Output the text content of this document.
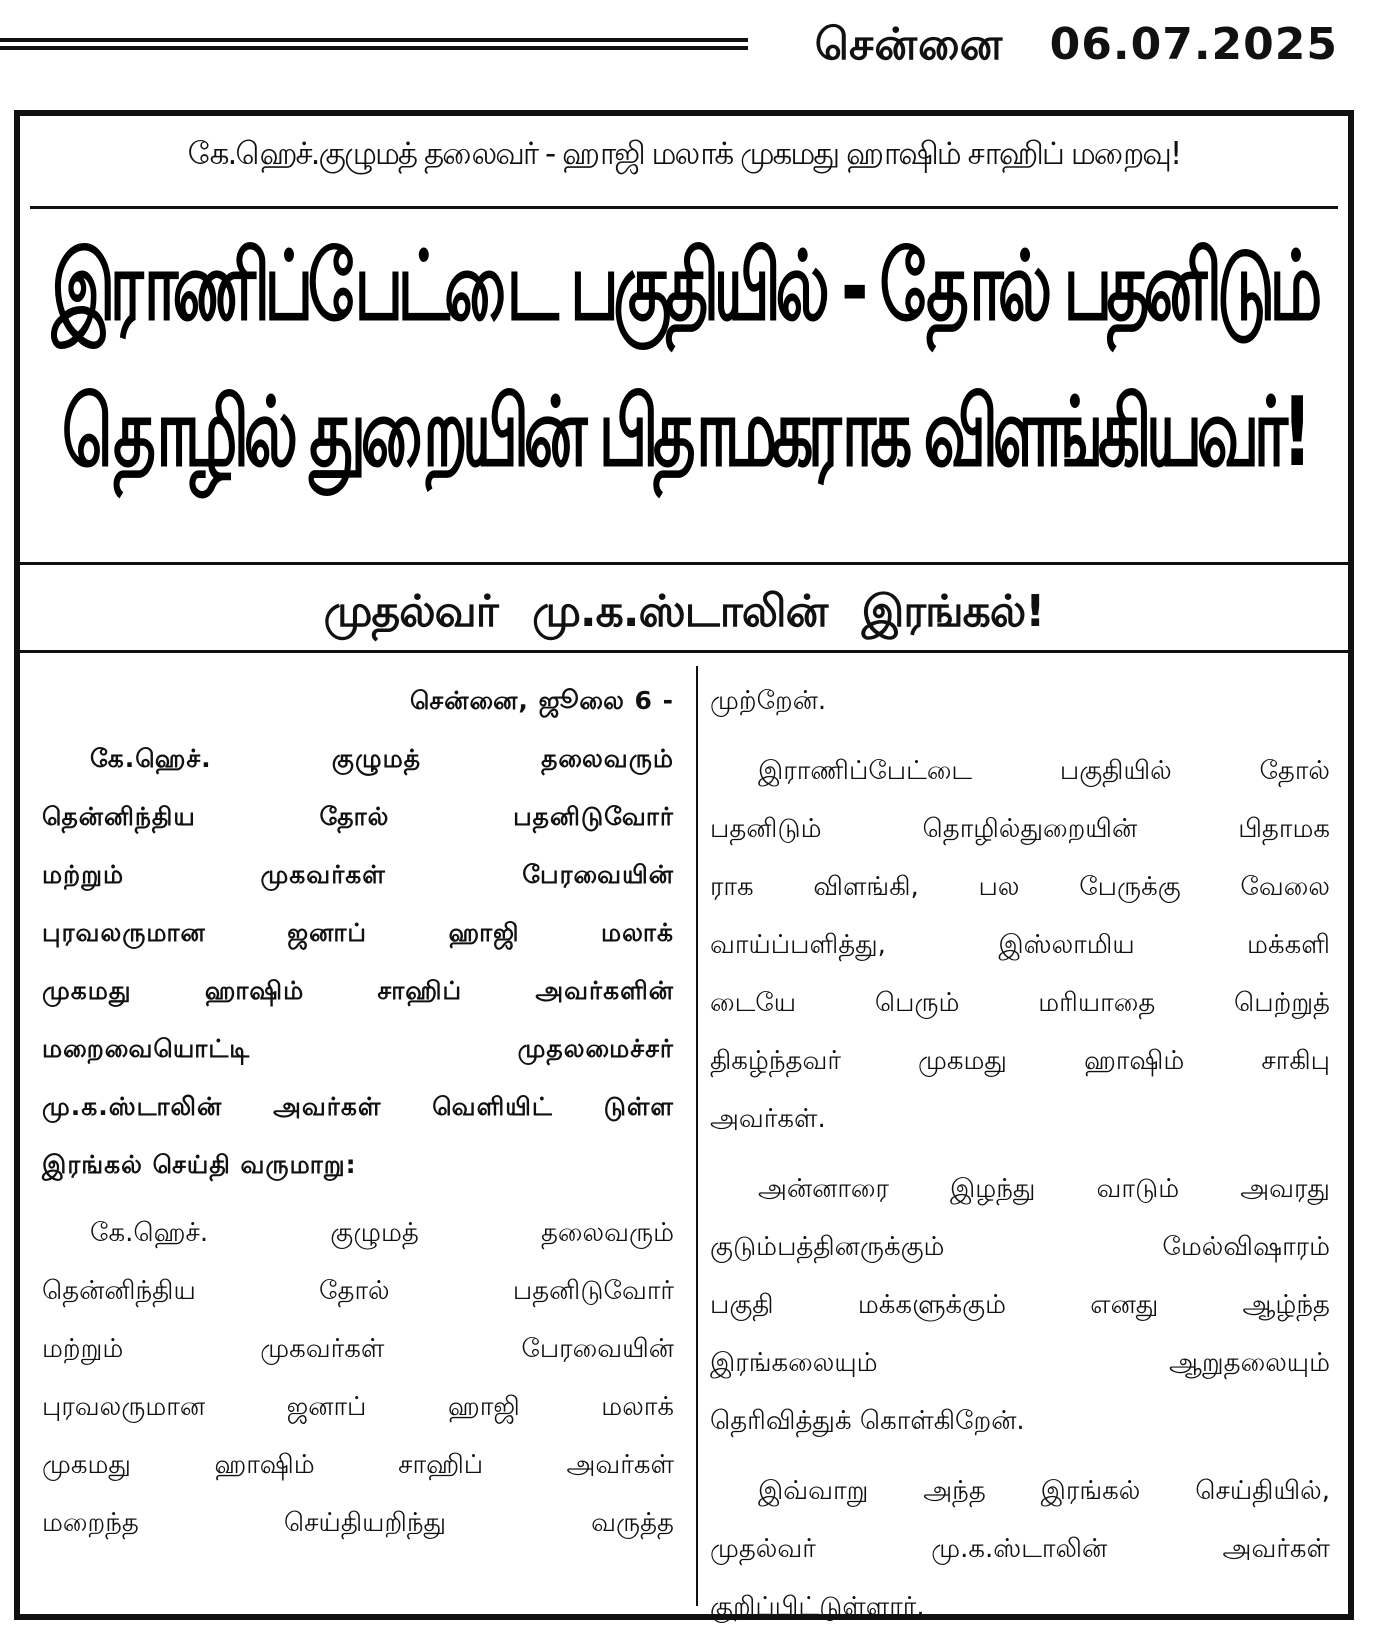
சென்னை 06.07.2025
கே.ஹெச்.குழுமத் தலைவர் - ஹாஜி மலாக் முகமது ஹாஷிம் சாஹிப் மறைவு!
இராணிப்பேட்டை பகுதியில் - தோல் பதனிடும்
தொழில் துறையின் பிதாமகராக விளங்கியவர்!
முதல்வர் மு.க.ஸ்டாலின் இரங்கல்!
சென்னை, ஜூலை 6 -
கே.ஹெச்.	குழுமத்	தலைவரும்
தென்னிந்திய	தோல்	பதனிடுவோர்
மற்றும்	முகவர்கள்	பேரவையின்
புரவலருமான	ஜனாப்	ஹாஜி	மலாக்
முகமது	ஹாஷிம்	சாஹிப்	அவர்களின்
மறைவையொட்டி	முதலமைச்சர்
மு.க.ஸ்டாலின் அவர்கள் வெளியிட் டுள்ள
இரங்கல் செய்தி வருமாறு:
கே.ஹெச்.	குழுமத்	தலைவரும்
தென்னிந்திய	தோல்	பதனிடுவோர்
மற்றும்	முகவர்கள்	பேரவையின்
புரவலருமான	ஜனாப்	ஹாஜி	மலாக்
முகமது	ஹாஷிம்	சாஹிப்	அவர்கள்
மறைந்த	செய்தியறிந்து	வருத்த
முற்றேன்.
இராணிப்பேட்டை	பகுதியில்	தோல்
பதனிடும்	தொழில்துறையின்	பிதாமக
ராக விளங்கி, பல பேருக்கு வேலை
வாய்ப்பளித்து,	இஸ்லாமிய	மக்களி
டையே	பெரும்	மரியாதை	பெற்றுத்
திகழ்ந்தவர்	முகமது	ஹாஷிம்	சாகிபு
அவர்கள்.
அன்னாரை இழந்து வாடும் அவரது
குடும்பத்தினருக்கும்	மேல்விஷாரம்
பகுதி	மக்களுக்கும்	எனது	ஆழ்ந்த
இரங்கலையும்	ஆறுதலையும்
தெரிவித்துக் கொள்கிறேன்.
இவ்வாறு அந்த இரங்கல் செய்தியில்,
முதல்வர்	மு.க.ஸ்டாலின்	அவர்கள்
குறிப்பிட்டுள்ளார்.
